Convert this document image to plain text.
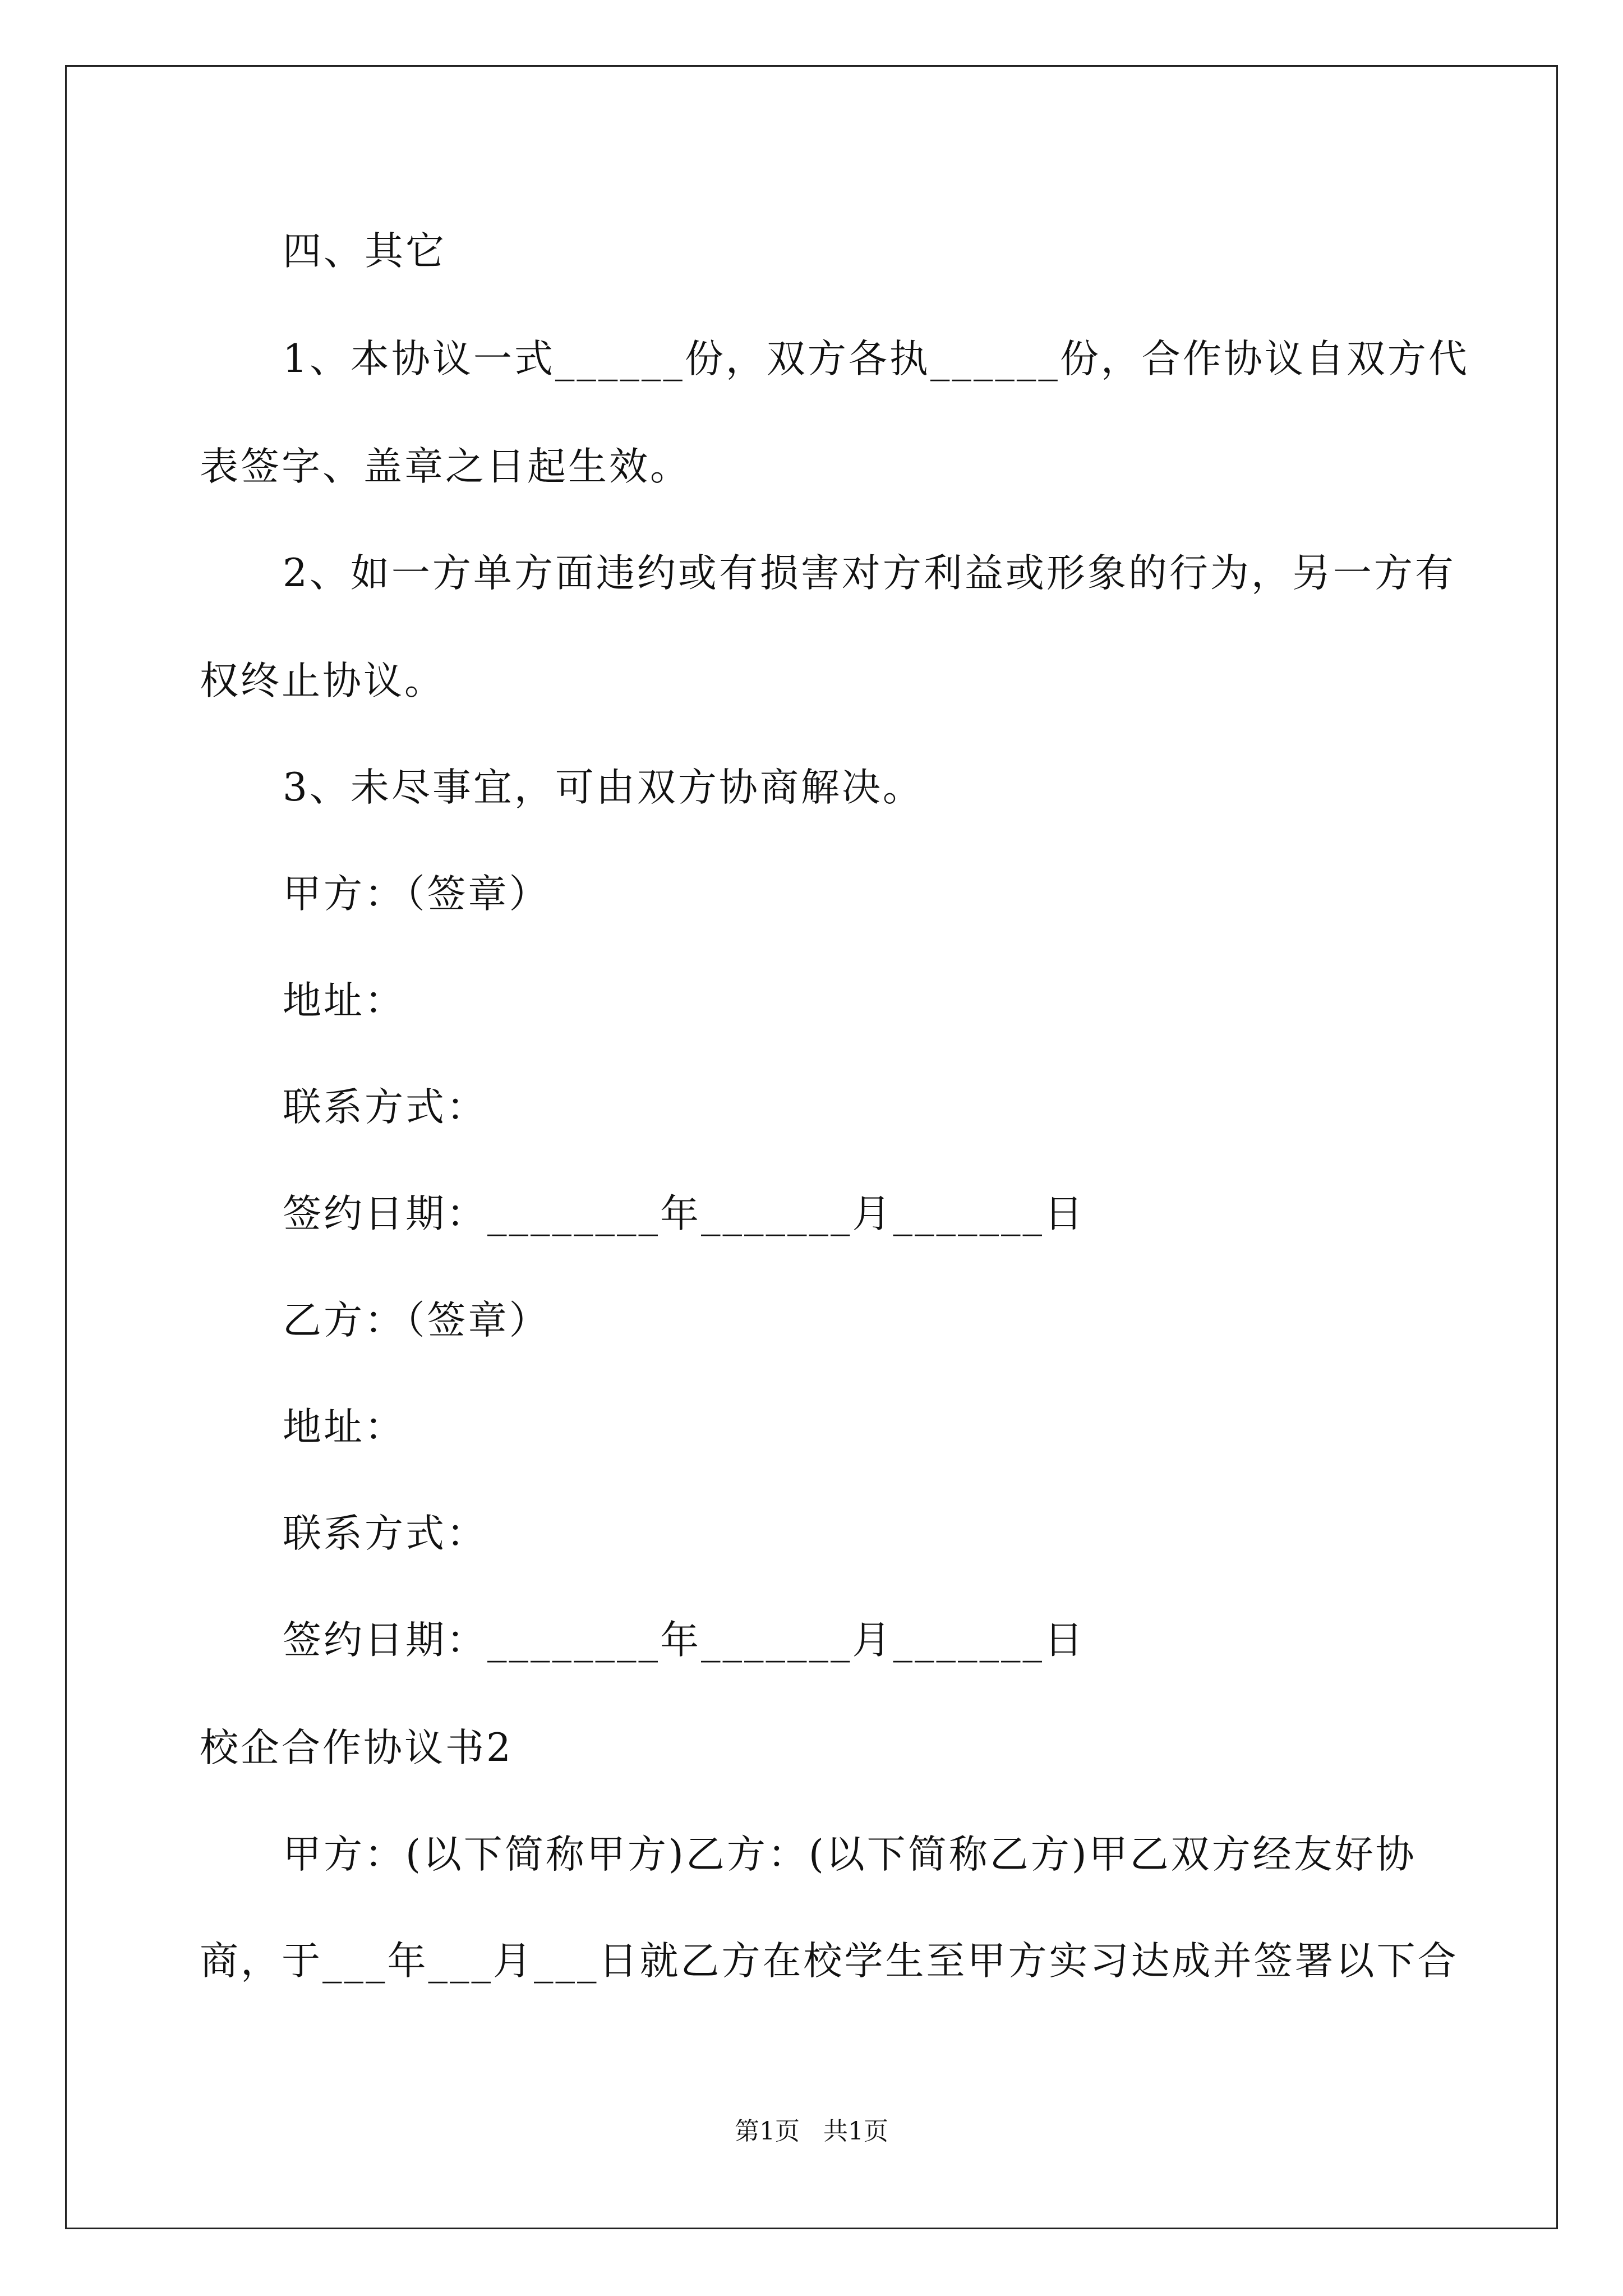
四、其它
1、本协议一式______份，双方各执______份，合作协议自双方代
表签字、盖章之日起生效。
2、如一方单方面违约或有损害对方利益或形象的行为，另一方有
权终止协议。
3、未尽事宜，可由双方协商解决。
甲方：（签章）
地址：
联系方式：
签约日期：________年_______月_______日
乙方：（签章）
地址：
联系方式：
签约日期：________年_______月_______日
校企合作协议书2
甲方：(以下简称甲方)乙方：(以下简称乙方)甲乙双方经友好协
商，于___年___月___日就乙方在校学生至甲方实习达成并签署以下合
第1页   共1页
